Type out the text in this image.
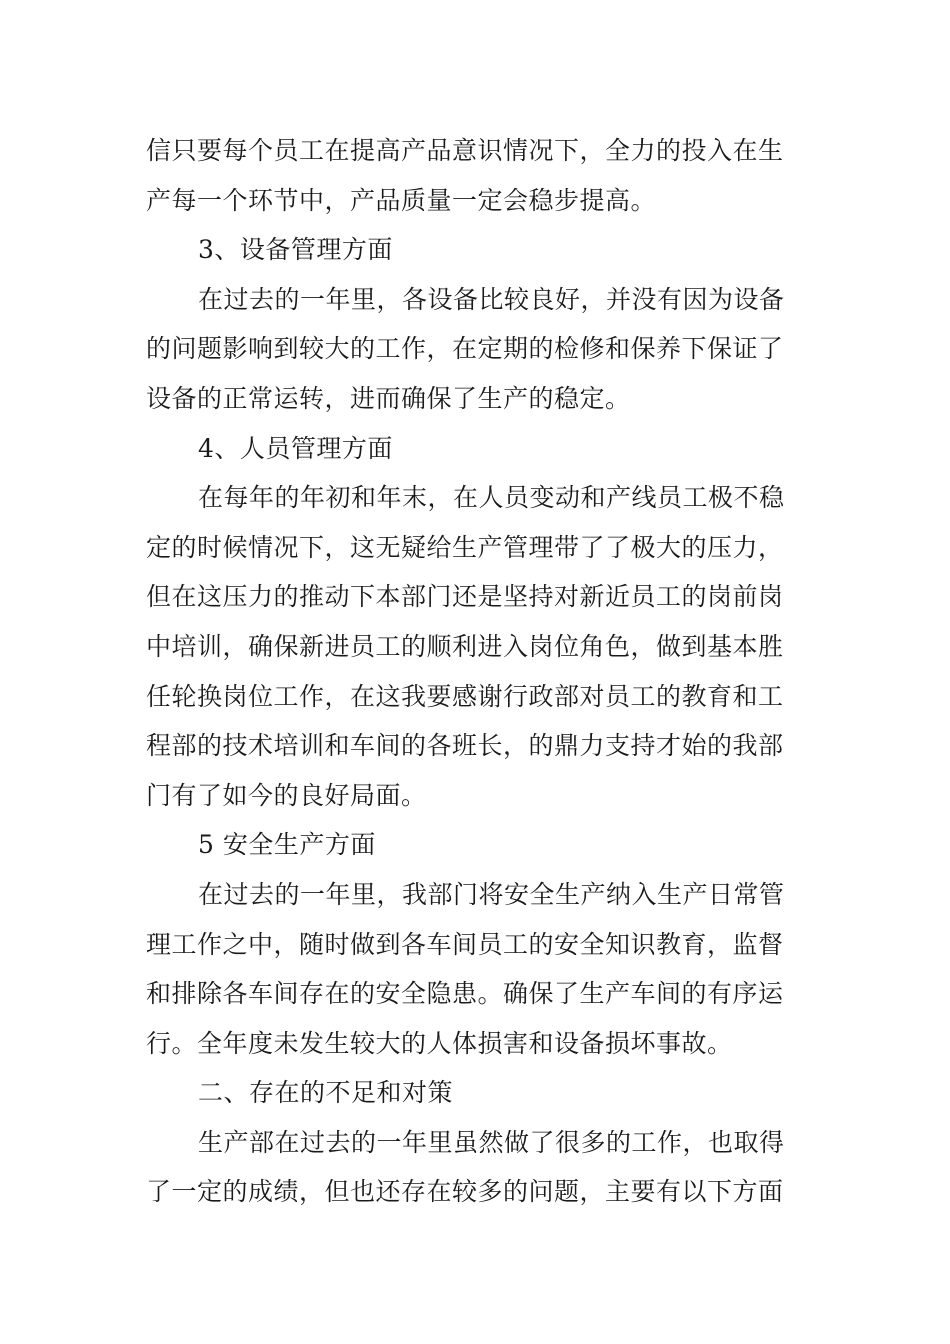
信只要每个员工在提高产品意识情况下，全力的投入在生
产每一个环节中，产品质量一定会稳步提高。
3、设备管理方面
在过去的一年里，各设备比较良好，并没有因为设备
的问题影响到较大的工作，在定期的检修和保养下保证了
设备的正常运转，进而确保了生产的稳定。
4、人员管理方面
在每年的年初和年末，在人员变动和产线员工极不稳
定的时候情况下，这无疑给生产管理带了了极大的压力，
但在这压力的推动下本部门还是坚持对新近员工的岗前岗
中培训，确保新进员工的顺利进入岗位角色，做到基本胜
任轮换岗位工作，在这我要感谢行政部对员工的教育和工
程部的技术培训和车间的各班长，的鼎力支持才始的我部
门有了如今的良好局面。
5 安全生产方面
在过去的一年里，我部门将安全生产纳入生产日常管
理工作之中，随时做到各车间员工的安全知识教育，监督
和排除各车间存在的安全隐患。确保了生产车间的有序运
行。全年度未发生较大的人体损害和设备损坏事故。
二、存在的不足和对策
生产部在过去的一年里虽然做了很多的工作，也取得
了一定的成绩，但也还存在较多的问题，主要有以下方面
